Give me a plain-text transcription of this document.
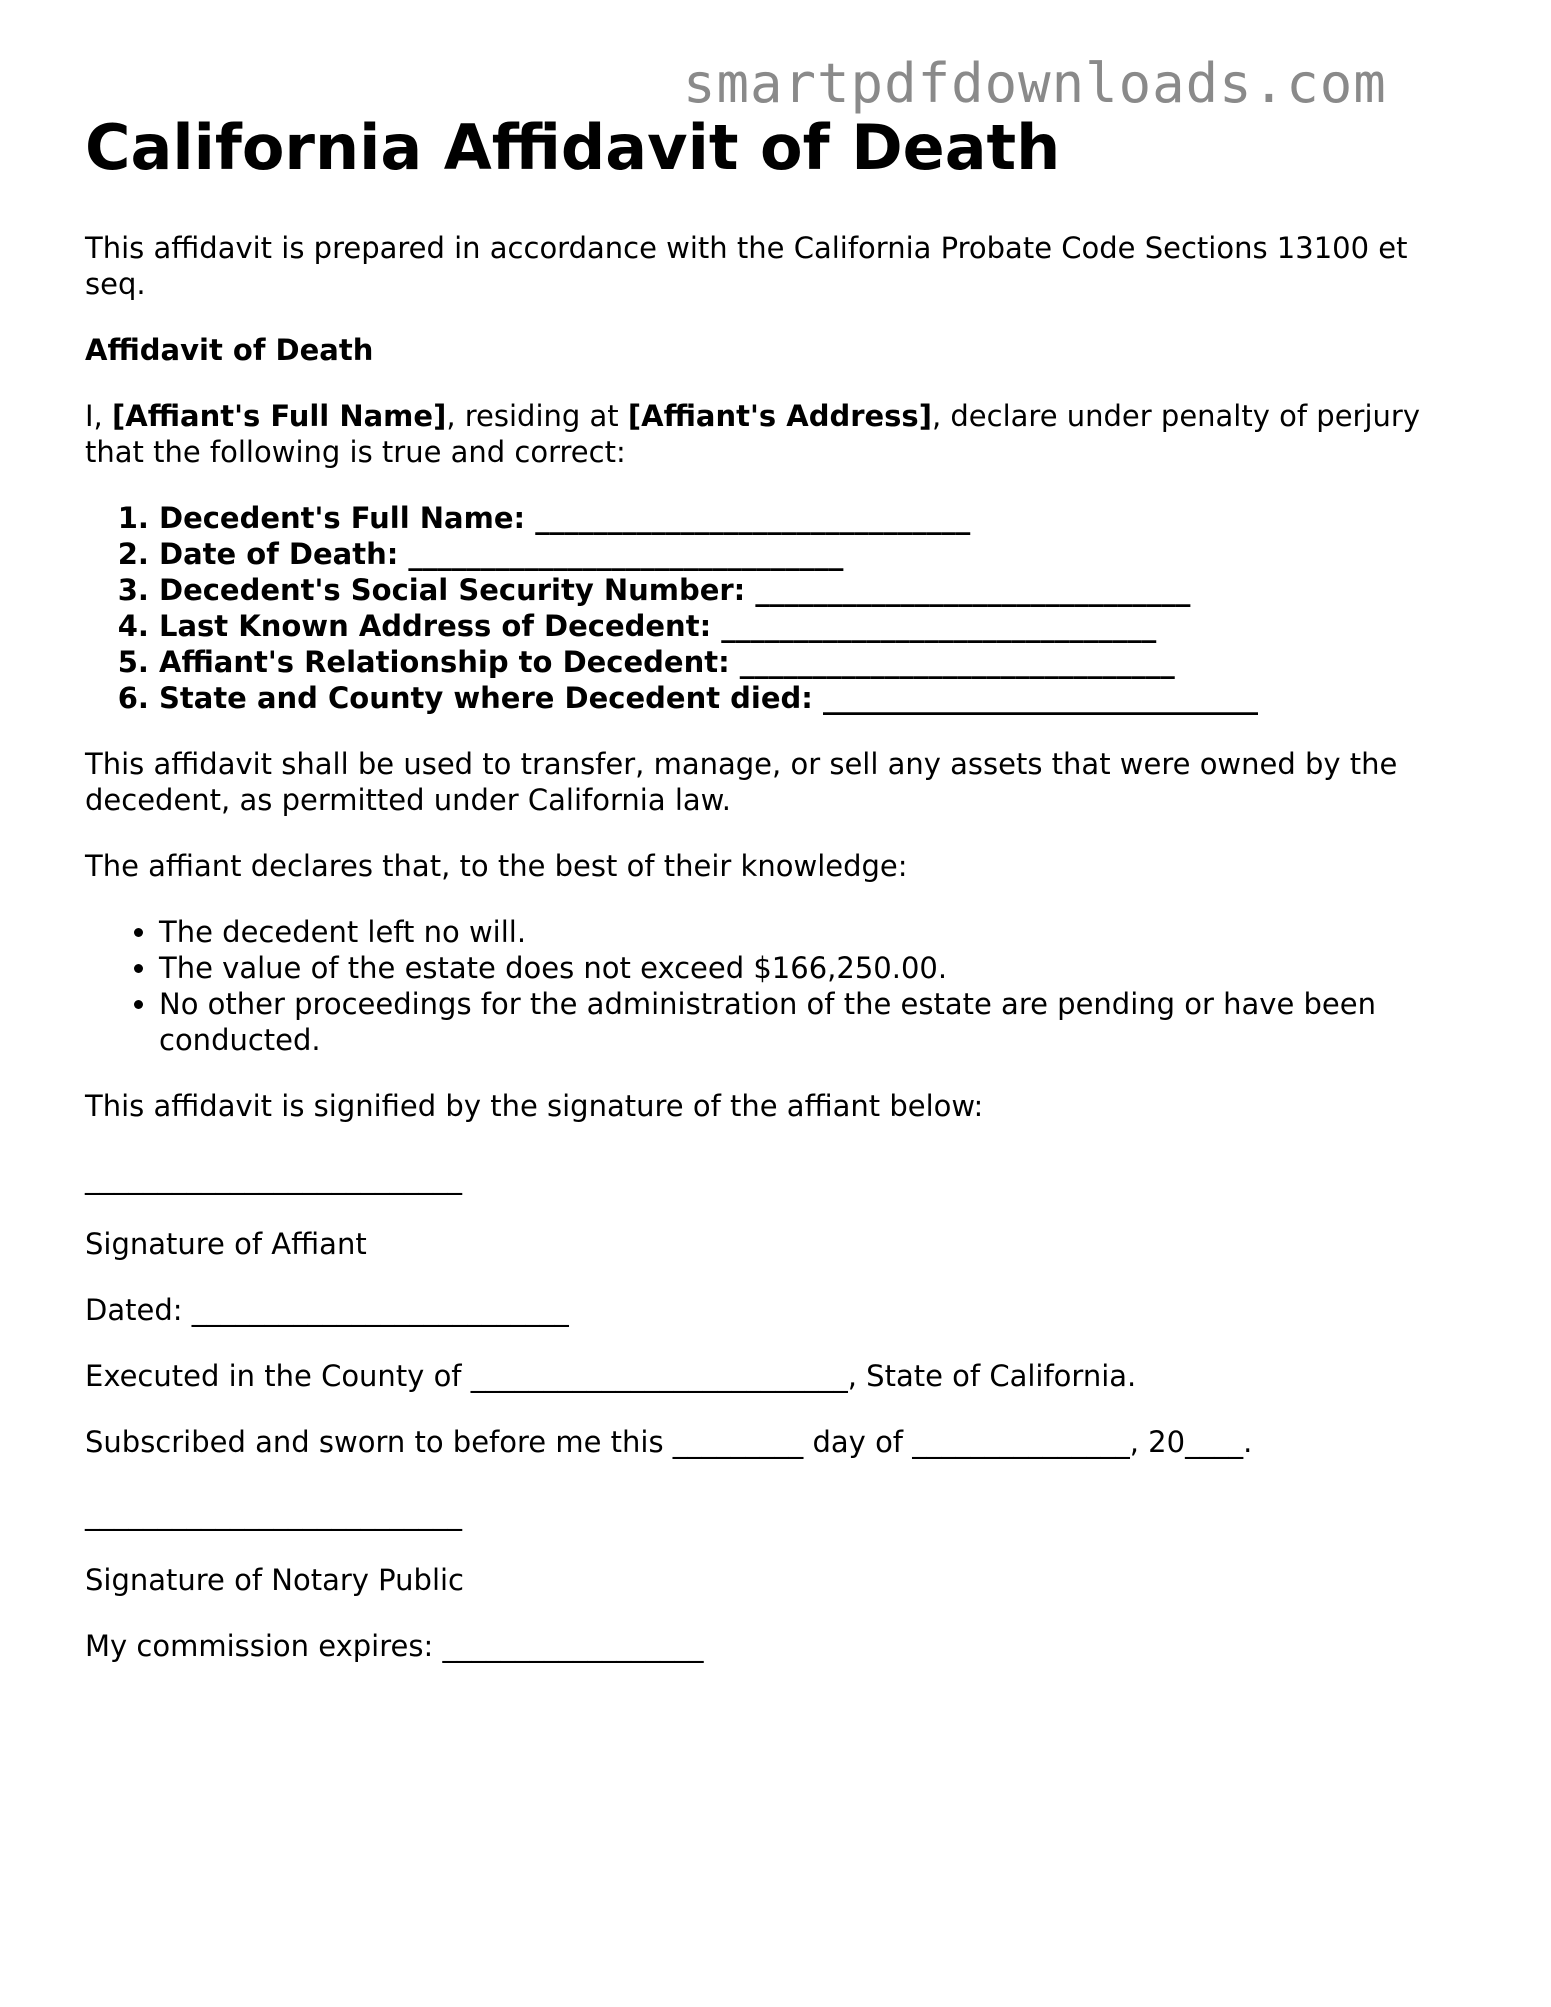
smartpdfdownloads.com
California Affidavit of Death

This affidavit is prepared in accordance with the California Probate Code Sections 13100 et seq.

Affidavit of Death

I, [Affiant's Full Name], residing at [Affiant's Address], declare under penalty of perjury that the following is true and correct:

1. Decedent's Full Name: ______________________________
2. Date of Death: ______________________________
3. Decedent's Social Security Number: ______________________________
4. Last Known Address of Decedent: ______________________________
5. Affiant's Relationship to Decedent: ______________________________
6. State and County where Decedent died: ______________________________

This affidavit shall be used to transfer, manage, or sell any assets that were owned by the decedent, as permitted under California law.

The affiant declares that, to the best of their knowledge:

• The decedent left no will.
• The value of the estate does not exceed $166,250.00.
• No other proceedings for the administration of the estate are pending or have been conducted.

This affidavit is signified by the signature of the affiant below:

__________________________

Signature of Affiant

Dated: __________________________

Executed in the County of __________________________, State of California.

Subscribed and sworn to before me this _________ day of _______________, 20____.

__________________________

Signature of Notary Public

My commission expires: __________________
